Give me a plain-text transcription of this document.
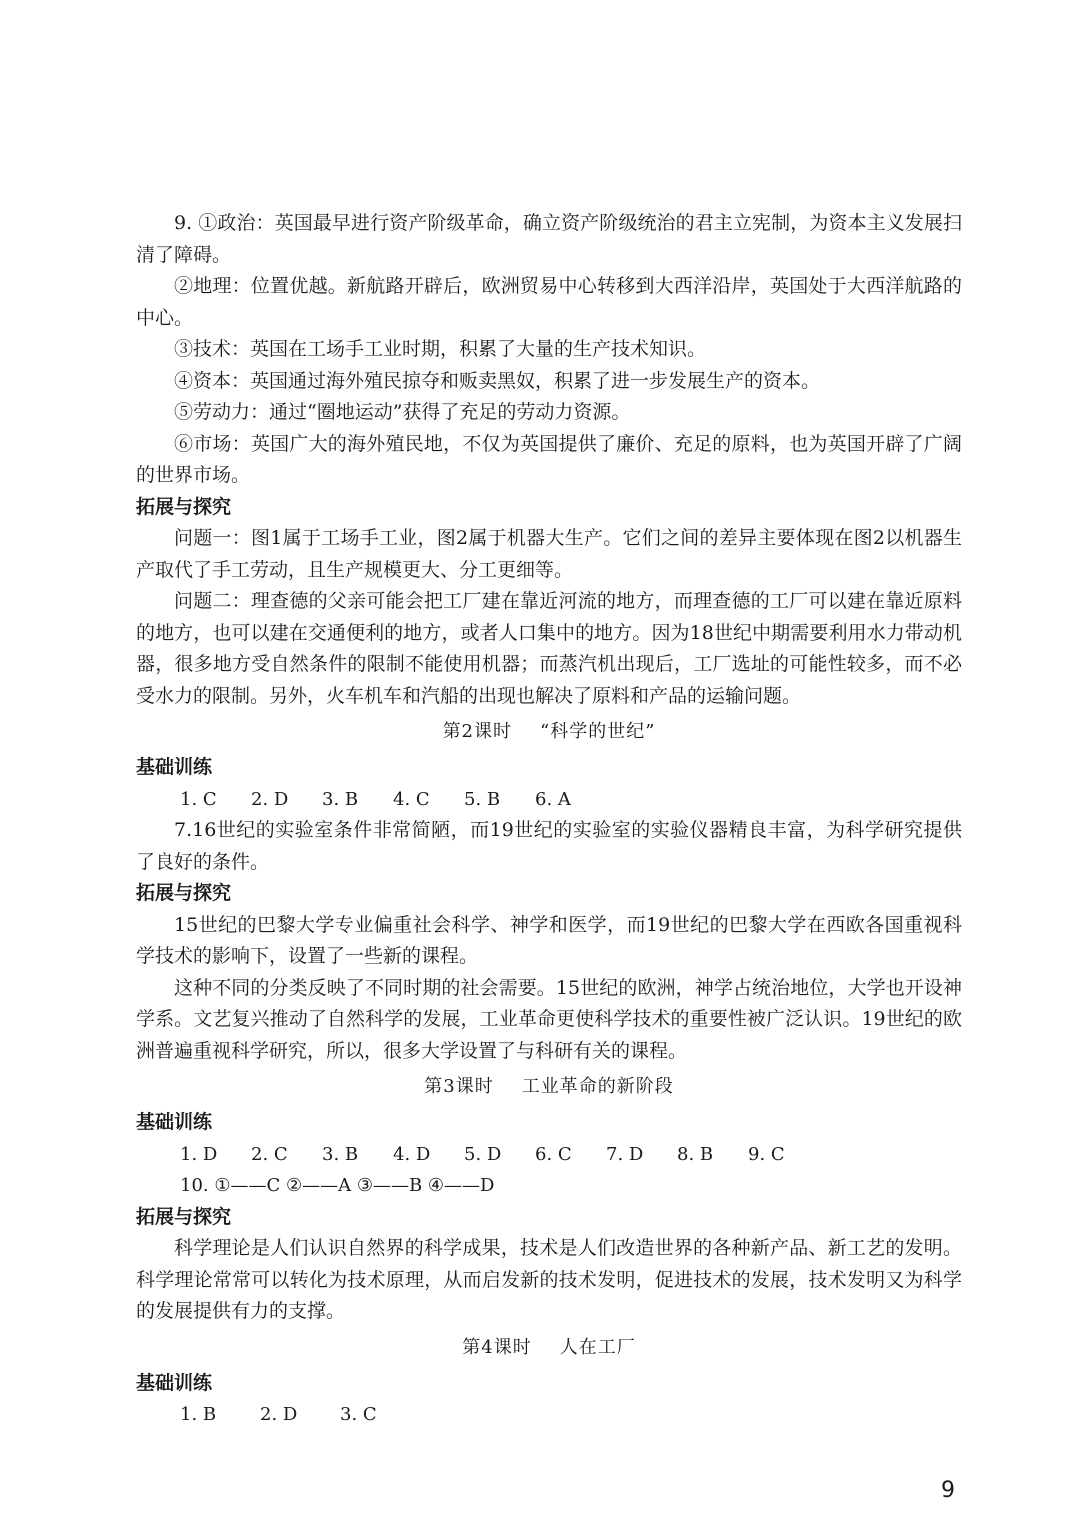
9. ①政治：英国最早进行资产阶级革命，确立资产阶级统治的君主立宪制，为资本主义发展扫清了障碍。

②地理：位置优越。新航路开辟后，欧洲贸易中心转移到大西洋沿岸，英国处于大西洋航路的中心。

③技术：英国在工场手工业时期，积累了大量的生产技术知识。

④资本：英国通过海外殖民掠夺和贩卖黑奴，积累了进一步发展生产的资本。

⑤劳动力：通过“圈地运动”获得了充足的劳动力资源。

⑥市场：英国广大的海外殖民地，不仅为英国提供了廉价、充足的原料，也为英国开辟了广阔的世界市场。

拓展与探究

问题一：图1属于工场手工业，图2属于机器大生产。它们之间的差异主要体现在图2以机器生产取代了手工劳动，且生产规模更大、分工更细等。

问题二：理查德的父亲可能会把工厂建在靠近河流的地方，而理查德的工厂可以建在靠近原料的地方，也可以建在交通便利的地方，或者人口集中的地方。因为18世纪中期需要利用水力带动机器，很多地方受自然条件的限制不能使用机器；而蒸汽机出现后，工厂选址的可能性较多，而不必受水力的限制。另外，火车机车和汽船的出现也解决了原料和产品的运输问题。

第2课时 “科学的世纪”

基础训练

1. C	2. D	3. B	4. C	5. B	6. A

7.16世纪的实验室条件非常简陋，而19世纪的实验室的实验仪器精良丰富，为科学研究提供了良好的条件。

拓展与探究

15世纪的巴黎大学专业偏重社会科学、神学和医学，而19世纪的巴黎大学在西欧各国重视科学技术的影响下，设置了一些新的课程。

这种不同的分类反映了不同时期的社会需要。15世纪的欧洲，神学占统治地位，大学也开设神学系。文艺复兴推动了自然科学的发展，工业革命更使科学技术的重要性被广泛认识。19世纪的欧洲普遍重视科学研究，所以，很多大学设置了与科研有关的课程。

第3课时 工业革命的新阶段

基础训练

1. D	2. C	3. B	4. D	5. D	6. C	7. D	8. B	9. C
10. ①——C ②——A ③——B ④——D

拓展与探究

科学理论是人们认识自然界的科学成果，技术是人们改造世界的各种新产品、新工艺的发明。科学理论常常可以转化为技术原理，从而启发新的技术发明，促进技术的发展，技术发明又为科学的发展提供有力的支撑。

第4课时 人在工厂

基础训练

1. B	2. D	3. C
9
